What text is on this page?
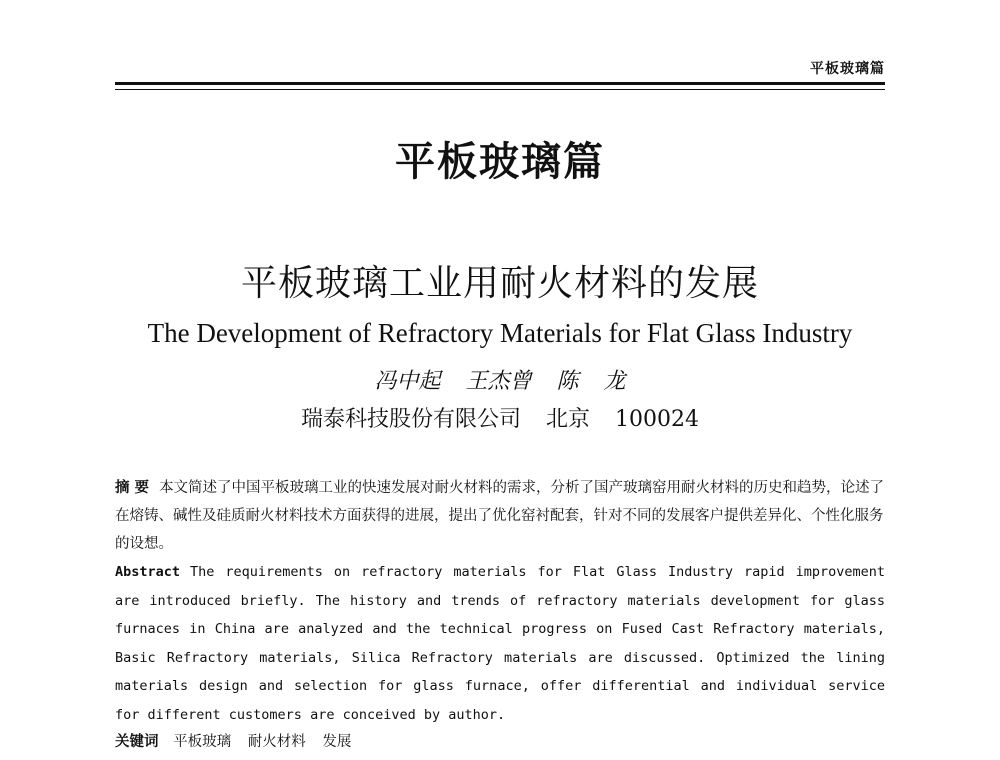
平板玻璃篇
平板玻璃篇
平板玻璃工业用耐火材料的发展
The Development of Refractory Materials for Flat Glass Industry
冯中起 王杰曾 陈 龙
瑞泰科技股份有限公司 北京 100024
摘 要 本文简述了中国平板玻璃工业的快速发展对耐火材料的需求，分析了国产玻璃窑用耐火材料的历史和趋势，论述了在熔铸、碱性及硅质耐火材料技术方面获得的进展，提出了优化窑衬配套，针对不同的发展客户提供差异化、个性化服务的设想。
Abstract The requirements on refractory materials for Flat Glass Industry rapid improvement are introduced briefly. The history and trends of refractory materials development for glass furnaces in China are analyzed and the technical progress on Fused Cast Refractory materials, Basic Refractory materials, Silica Refractory materials are discussed. Optimized the lining materials design and selection for glass furnace, offer differential and individual service for different customers are conceived by author.
关键词 平板玻璃 耐火材料 发展
